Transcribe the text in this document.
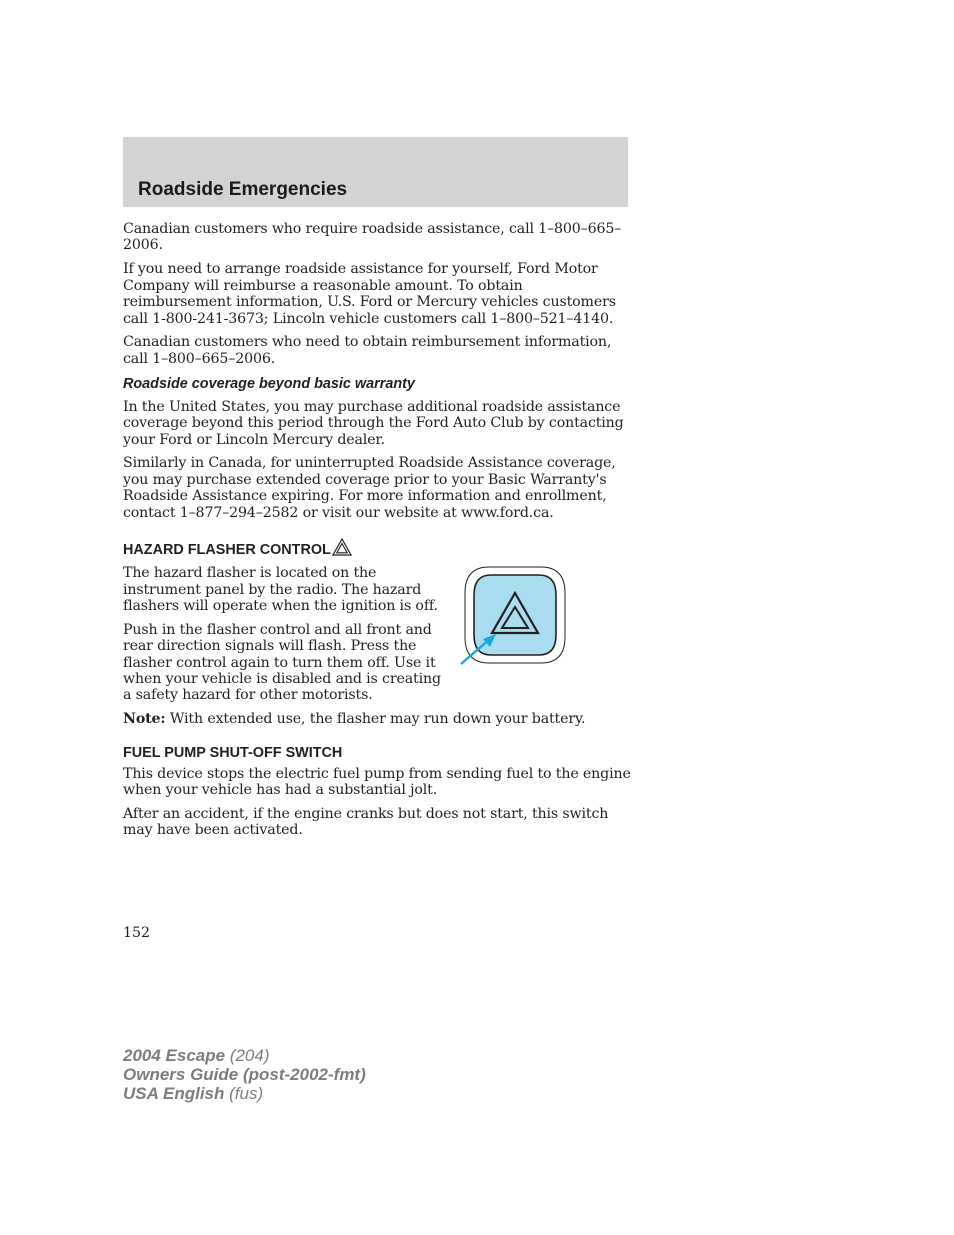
Roadside Emergencies

Canadian customers who require roadside assistance, call 1–800–665–2006.

If you need to arrange roadside assistance for yourself, Ford Motor Company will reimburse a reasonable amount. To obtain reimbursement information, U.S. Ford or Mercury vehicles customers call 1-800-241-3673; Lincoln vehicle customers call 1–800–521–4140.

Canadian customers who need to obtain reimbursement information, call 1–800–665–2006.

Roadside coverage beyond basic warranty

In the United States, you may purchase additional roadside assistance coverage beyond this period through the Ford Auto Club by contacting your Ford or Lincoln Mercury dealer.

Similarly in Canada, for uninterrupted Roadside Assistance coverage, you may purchase extended coverage prior to your Basic Warranty's Roadside Assistance expiring. For more information and enrollment, contact 1–877–294–2582 or visit our website at www.ford.ca.

HAZARD FLASHER CONTROL

The hazard flasher is located on the instrument panel by the radio. The hazard flashers will operate when the ignition is off.

Push in the flasher control and all front and rear direction signals will flash. Press the flasher control again to turn them off. Use it when your vehicle is disabled and is creating a safety hazard for other motorists.

Note: With extended use, the flasher may run down your battery.

FUEL PUMP SHUT-OFF SWITCH

This device stops the electric fuel pump from sending fuel to the engine when your vehicle has had a substantial jolt.

After an accident, if the engine cranks but does not start, this switch may have been activated.

152
2004 Escape (204)
Owners Guide (post-2002-fmt)
USA English (fus)
